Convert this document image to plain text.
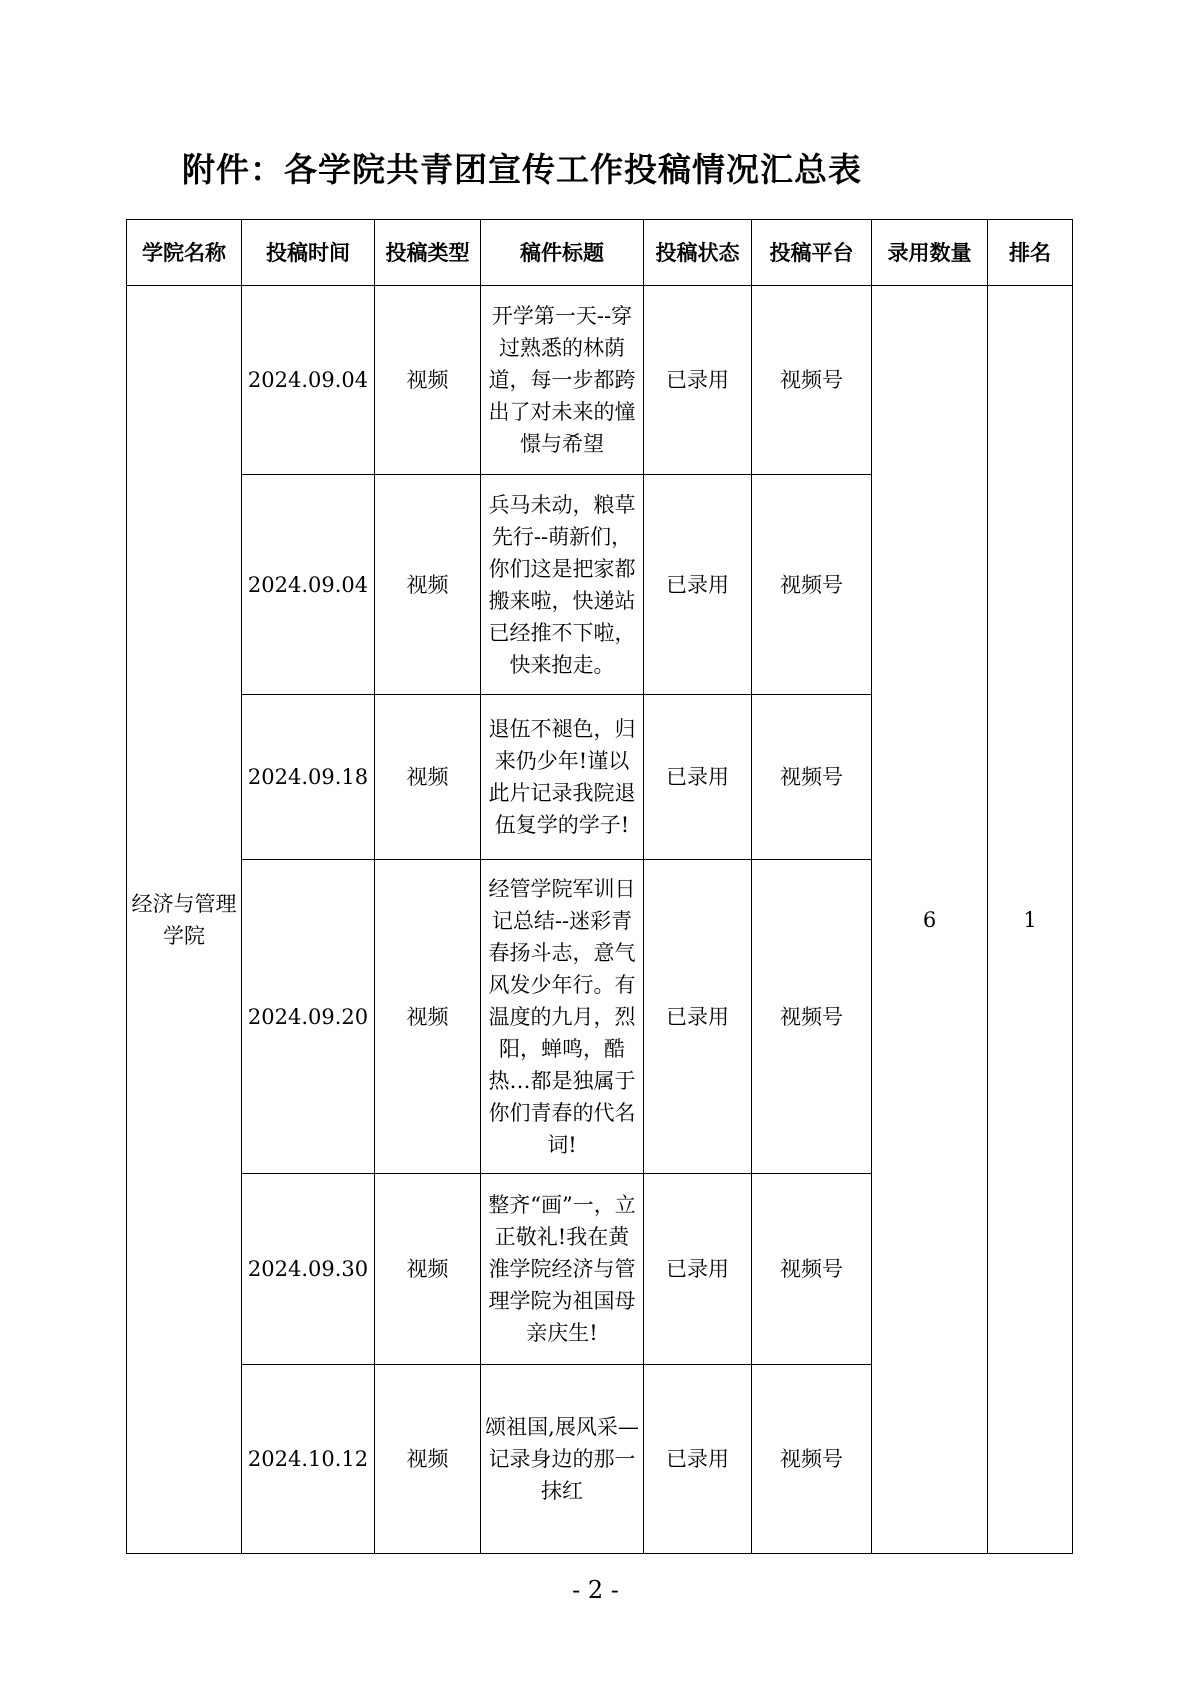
附件：各学院共青团宣传工作投稿情况汇总表
学院名称	投稿时间	投稿类型	稿件标题	投稿状态	投稿平台	录用数量	排名
经济与管理学院	2024.09.04	视频	开学第一天--穿过熟悉的林荫道，每一步都跨出了对未来的憧憬与希望	已录用	视频号	6	1
	2024.09.04	视频	兵马未动，粮草先行--萌新们，你们这是把家都搬来啦，快递站已经推不下啦，快来抱走。	已录用	视频号		
	2024.09.18	视频	退伍不褪色，归来仍少年!谨以此片记录我院退伍复学的学子!	已录用	视频号		
	2024.09.20	视频	经管学院军训日记总结--迷彩青春扬斗志，意气风发少年行。有温度的九月，烈阳，蝉鸣，酷热…都是独属于你们青春的代名词!	已录用	视频号		
	2024.09.30	视频	整齐“画”一，立正敬礼!我在黄淮学院经济与管理学院为祖国母亲庆生!	已录用	视频号		
	2024.10.12	视频	颂祖国,展风采—记录身边的那一抹红	已录用	视频号		
- 2 -
